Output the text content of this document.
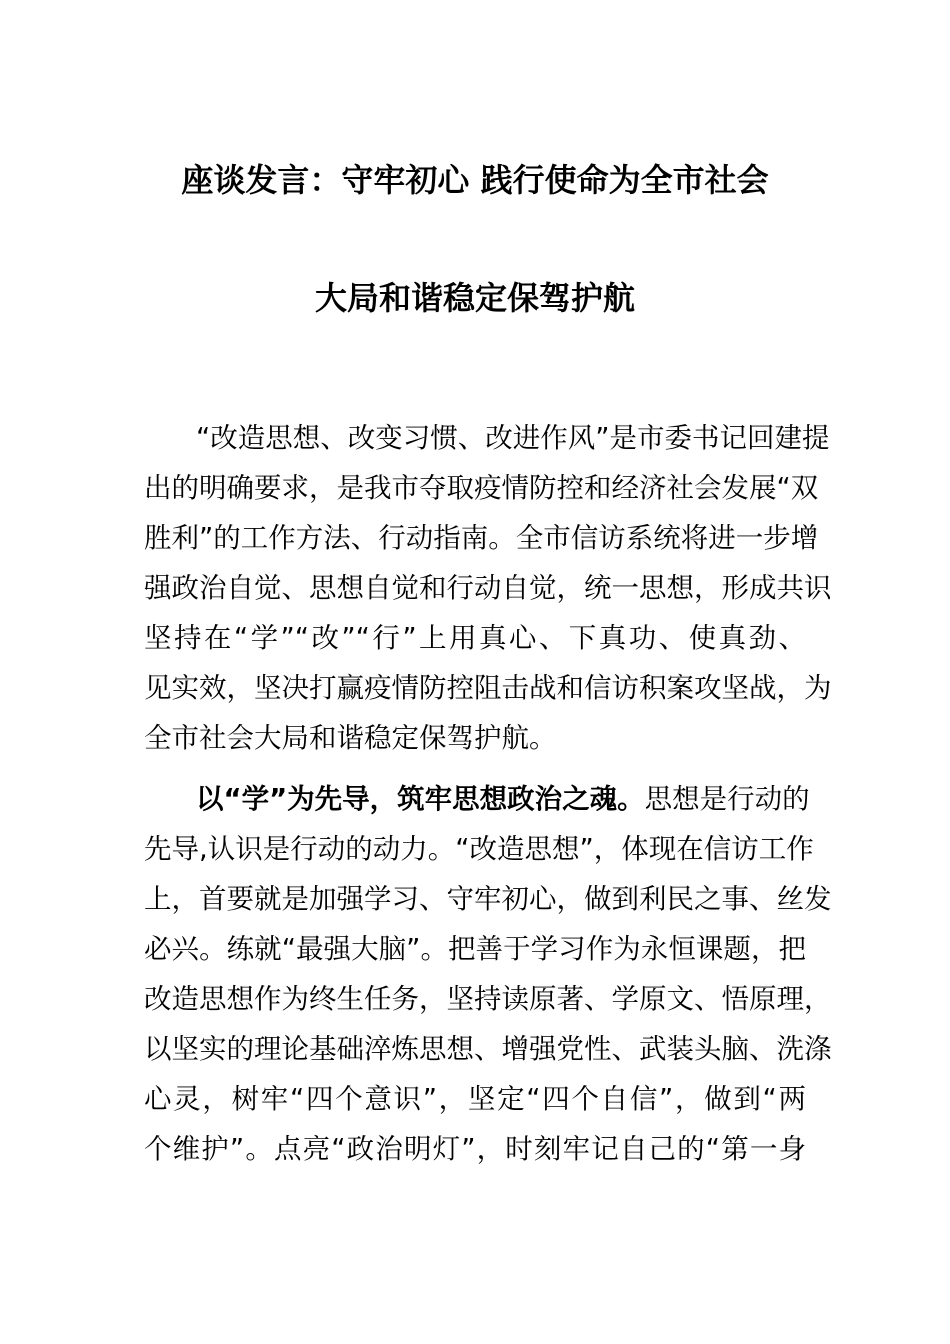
座谈发言：守牢初心 践行使命为全市社会
大局和谐稳定保驾护航
“改造思想、改变习惯、改进作风”是市委书记回建提
出的明确要求，是我市夺取疫情防控和经济社会发展“双
胜利”的工作方法、行动指南。全市信访系统将进一步增
强政治自觉、思想自觉和行动自觉，统一思想，形成共识
坚持在“学”“改”“行”上用真心、下真功、使真劲、
见实效，坚决打赢疫情防控阻击战和信访积案攻坚战，为
全市社会大局和谐稳定保驾护航。
以“学”为先导，筑牢思想政治之魂。思想是行动的
先导,认识是行动的动力。“改造思想”，体现在信访工作
上，首要就是加强学习、守牢初心，做到利民之事、丝发
必兴。练就“最强大脑”。把善于学习作为永恒课题，把
改造思想作为终生任务，坚持读原著、学原文、悟原理，
以坚实的理论基础淬炼思想、增强党性、武装头脑、洗涤
心灵，树牢“四个意识”，坚定“四个自信”，做到“两
个维护”。点亮“政治明灯”，时刻牢记自己的“第一身
